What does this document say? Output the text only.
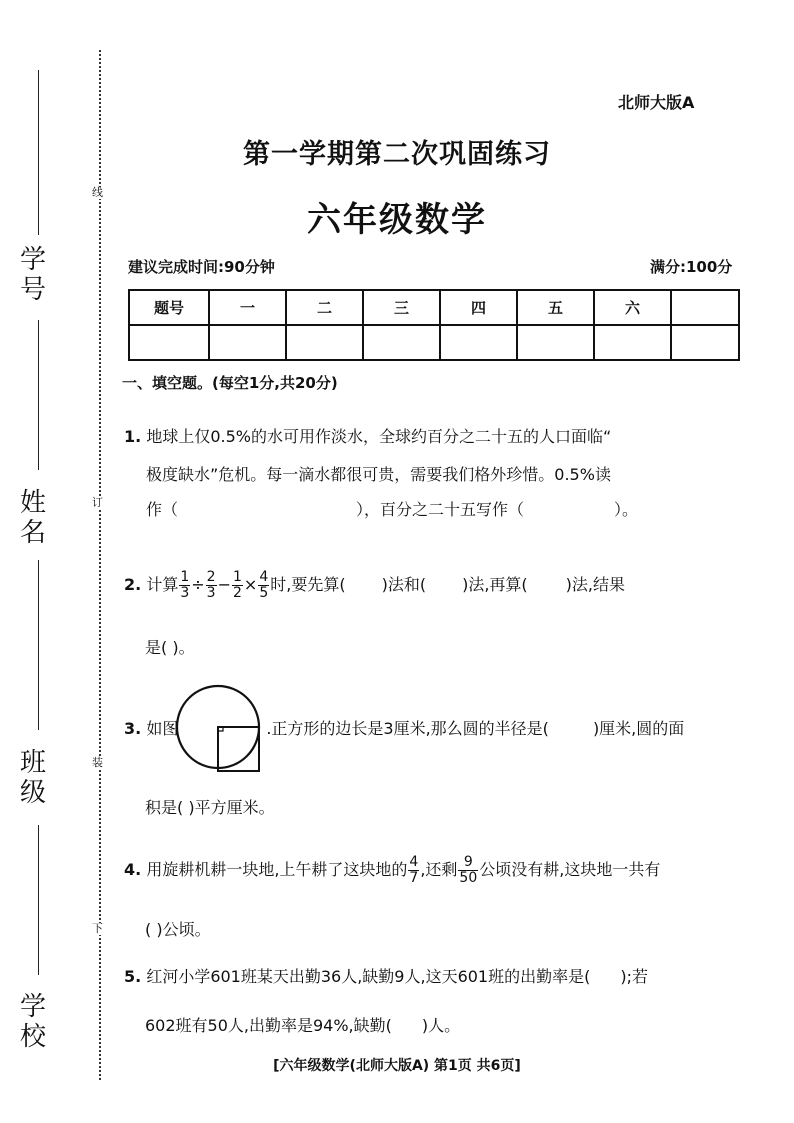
学号
姓名
班级
学校
线
订
装
下
北师大版A
第一学期第二次巩固练习
六年级数学
建议完成时间:90分钟	满分:100分
题号	一	二	三	四	五	六	

一、填空题。(每空1分,共20分)
1. 地球上仅0.5%的水可用作淡水，全球约百分之二十五的人口面临“
极度缺水”危机。每一滴水都很可贵，需要我们格外珍惜。0.5%读
作（	），百分之二十五写作（	）。
2. 计算 $\frac{1}{3} \div \frac{2}{3} - \frac{1}{2} \times \frac{4}{5}$ 时,要先算( )法和( )法,再算( )法,结果
是( )。
3. 如图	.正方形的边长是3厘米,那么圆的半径是(	)厘米,圆的面
积是( )平方厘米。
4. 用旋耕机耕一块地,上午耕了这块地的 $\frac{4}{7}$ ,还剩 $\frac{9}{50}$ 公顷没有耕,这块地一共有
( )公顷。
5. 红河小学601班某天出勤36人,缺勤9人,这天601班的出勤率是( );若
602班有50人,出勤率是94%,缺勤( )人。
[六年级数学(北师大版A) 第1页 共6页]
